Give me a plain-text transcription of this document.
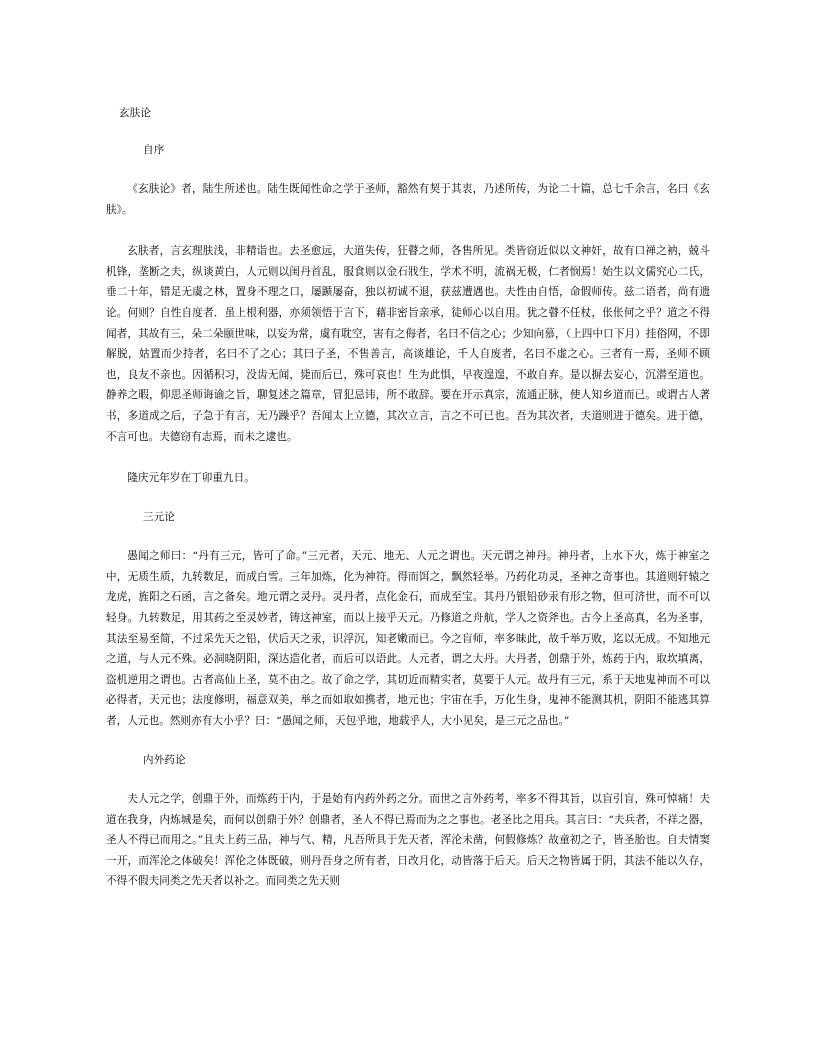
玄肤论
自序

《玄肤论》者，陆生所述也。陆生既闻性命之学于圣师，豁然有契于其衷，乃述所传，为论二十篇，总七千余言，名曰《玄肤》。

玄肤者，言玄理肤浅，非精诣也。去圣愈远，大道失传，狂瞽之师，各售所见。类皆窃近似以文神奸，故有口禅之衲，兢斗机锋，垄断之夫，纵谈黄白，人元则以闺丹首乱，服食则以金石戕生，学术不明，流祸无极，仁者悯焉！始生以文儒究心二氏，垂二十年，错足无虞之林，置身不理之口，屡踬屡奋，独以初诚不退，获兹遭遇也。夫性由自悟，命假师传。兹二语者，尚有遗论。何则？自性自度者．虽上根利器，亦须领悟于言下，藉非密旨亲承，徒师心以自用。犹之瞽不任杖，伥伥何之乎？道之不得闻者，其故有三，朵二朵颐世味，以妄为常，虞有耽空，害有之侮者，名曰不信之心；少知向慕，（上四中口下月）挂俗网，不即解脱，姑置而少持者，名曰不了之心；其曰子圣，不售善言，高谈雄论，千人自废者，名曰不虚之心。三者有一焉，圣师不顾也，良友不亲也。因循积习，没齿无闻，毙而后已，殊可哀也！生为此惧，早夜遑遑，不敢自弃。是以摒去妄心，沉潜至道也。静养之暇，仰思圣师诲谕之旨，聊复述之篇章，冒犯忌讳，所不敢辞。要在开示真宗，流通正脉，使人知乡道而已。或谓古人著书，多道成之后，子急于有言，无乃躁乎？吾闻太上立德，其次立言，言之不可已也。吾为其次者，夫道则进于德矣。进于德，不言可也。夫德窃有志焉，而未之逮也。

隆庆元年岁在丁卯重九日。

三元论

愚闻之师曰：“丹有三元，皆可了命。”三元者，天元、地无、人元之谓也。天元谓之神丹。神丹者，上水下火，炼于神室之中，无质生质，九转数足，而成白雪。三年加炼，化为神符。得而饵之，飘然轻举。乃药化功灵，圣神之奇事也。其道则轩辕之龙虎，旌阳之石函，言之备矣。地元谓之灵丹。灵丹者，点化金石，而成至宝。其丹乃银铅砂汞有形之物，但可济世，而不可以轻身。九转数足，用其药之至灵妙者，铸这神室，而以上接乎天元。乃修道之舟航，学人之资斧也。古今上圣高真，名为圣事，其法至易至简，不过采先天之铅，伏后天之汞，识浮沉，知老嫩而已。今之盲师，率多昧此，故千举万败，迄以无成。不知地元之道，与人元不殊。必洞晓阴阳，深达造化者，而后可以语此。人元者，谓之大丹。大丹者，创鼎于外，炼药于内，取坎填离，盗机逆用之谓也。古者高仙上圣，莫不由之。故了命之学，其切近而精实者，莫要于人元。故丹有三元，系于天地鬼神而不可以必得者，天元也；法度修明，福意双美，举之而如取如携者，地元也；宇宙在手，万化生身，鬼神不能测其机，阴阳不能逃其算者，人元也。然则亦有大小乎？曰：“愚闻之师，天包乎地，地载乎人，大小见矣，是三元之品也。”

内外药论

夫人元之学，创鼎于外，而炼药于内，于是始有内药外药之分。而世之言外药考，率多不得其旨，以盲引盲，殊可悼痛！夫道在我身，内炼城是矣，而何以创鼎于外？创鼎者，圣人不得已焉而为之之事也。老圣比之用兵。其言曰：“夫兵者，不祥之器，圣人不得已而用之。”且夫上药三品，神与气、精，凡吾所具于先天者，浑沦未凿，何假修炼？故童初之子，皆圣胎也。自夫情窦一开，而浑沦之体破矣！浑伦之体既破，则丹吾身之所有者，日改月化，动皆落于后天。后天之物皆属于阴，其法不能以久存，不得不假夫同类之先天者以补之。而同类之先天则
